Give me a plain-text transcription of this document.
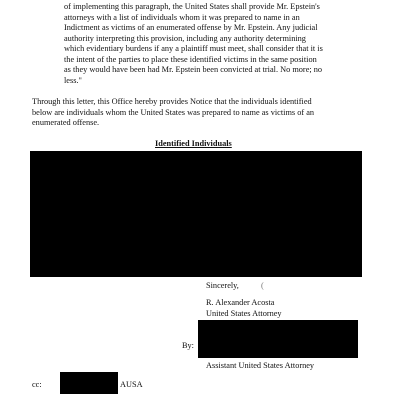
of implementing this paragraph, the United States shall provide Mr. Epstein's
attorneys with a list of individuals whom it was prepared to name in an
Indictment as victims of an enumerated offense by Mr. Epstein. Any judicial
authority interpreting this provision, including any authority determining
which evidentiary burdens if any a plaintiff must meet, shall consider that it is
the intent of the parties to place these identified victims in the same position
as they would have been had Mr. Epstein been convicted at trial. No more; no
less."
Through this letter, this Office hereby provides Notice that the individuals identified
below are individuals whom the United States was prepared to name as victims of an
enumerated offense.
Identified Individuals
Sincerely,	(
R. Alexander Acosta
United States Attorney
By:
Assistant United States Attorney
cc:	AUSA
